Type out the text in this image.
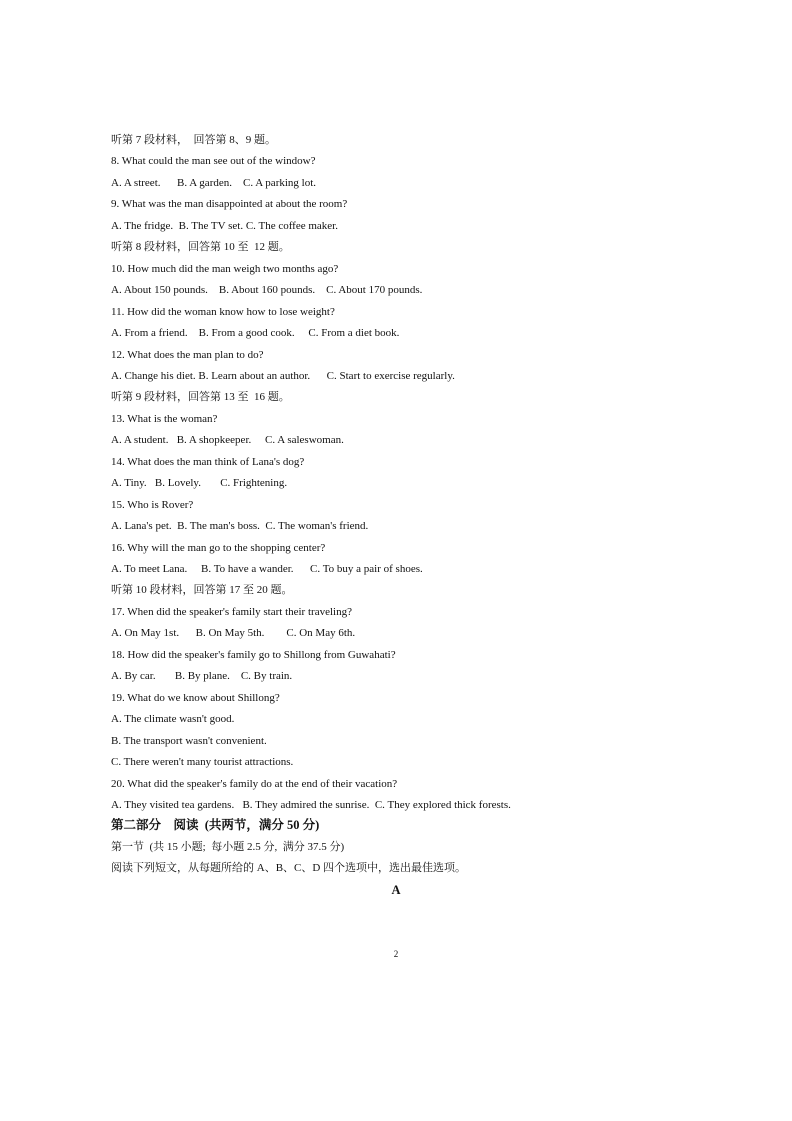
听第 7 段材料，  回答第 8、9 题。
8. What could the man see out of the window?
A. A street.      B. A garden.    C. A parking lot.
9. What was the man disappointed at about the room?
A. The fridge.  B. The TV set. C. The coffee maker.
听第 8 段材料，回答第 10 至  12 题。
10. How much did the man weigh two months ago?
A. About 150 pounds.    B. About 160 pounds.    C. About 170 pounds.
11. How did the woman know how to lose weight?
A. From a friend.    B. From a good cook.     C. From a diet book.
12. What does the man plan to do?
A. Change his diet. B. Learn about an author.      C. Start to exercise regularly.
听第 9 段材料，回答第 13 至  16 题。
13. What is the woman?
A. A student.   B. A shopkeeper.     C. A saleswoman.
14. What does the man think of Lana's dog?
A. Tiny.   B. Lovely.       C. Frightening.
15. Who is Rover?
A. Lana's pet.  B. The man's boss.  C. The woman's friend.
16. Why will the man go to the shopping center?
A. To meet Lana.     B. To have a wander.      C. To buy a pair of shoes.
听第 10 段材料，回答第 17 至 20 题。
17. When did the speaker's family start their traveling?
A. On May 1st.      B. On May 5th.        C. On May 6th.
18. How did the speaker's family go to Shillong from Guwahati?
A. By car.       B. By plane.    C. By train.
19. What do we know about Shillong?
A. The climate wasn't good.
B. The transport wasn't convenient.
C. There weren't many tourist attractions.
20. What did the speaker's family do at the end of their vacation?
A. They visited tea gardens.   B. They admired the sunrise.  C. They explored thick forests.
第二部分    阅读  (共两节，满分 50 分)
第一节  (共 15 小题;  每小题 2.5 分,  满分 37.5 分)
阅读下列短文，从每题所给的 A、B、C、D 四个选项中，选出最佳选项。
A
2
